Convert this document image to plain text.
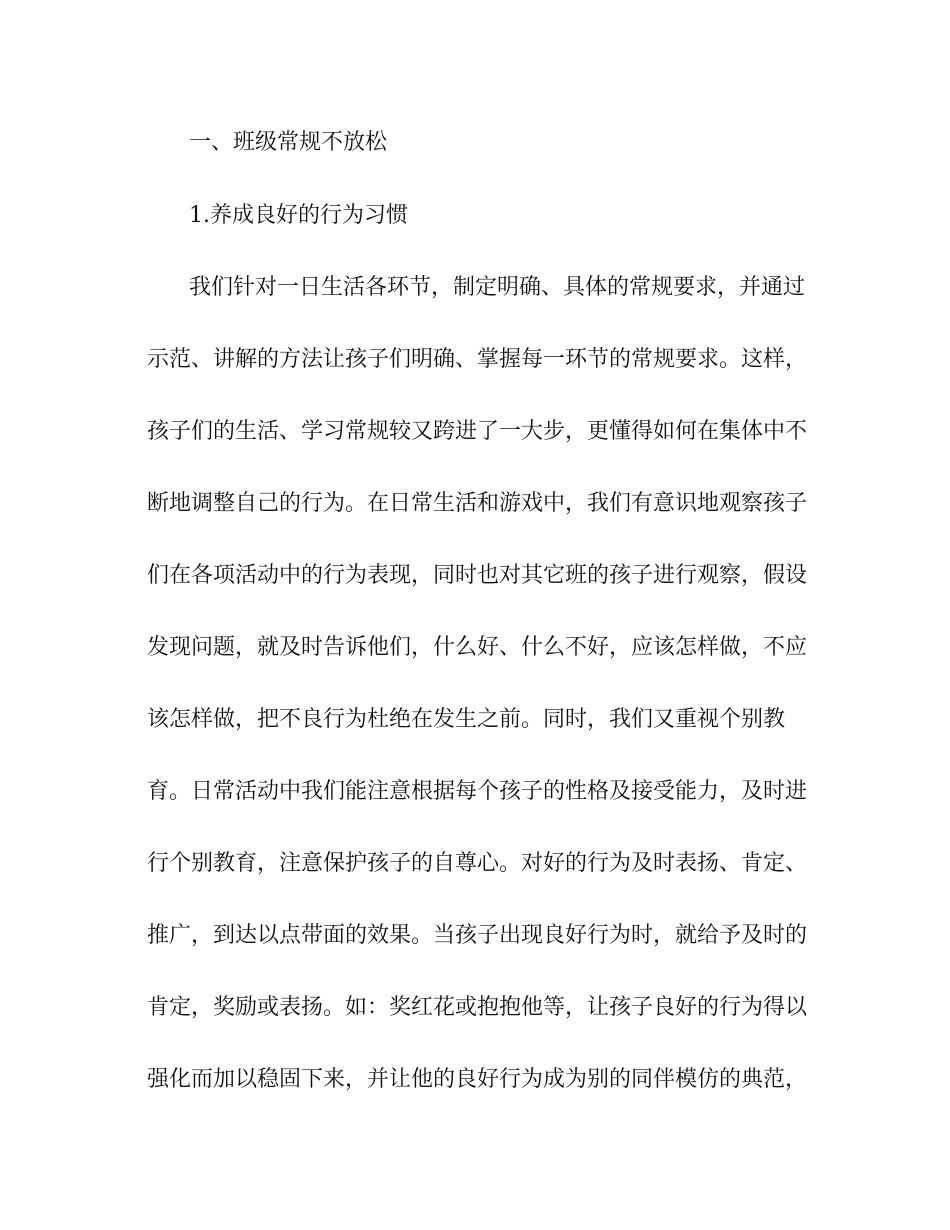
一、班级常规不放松
1.养成良好的行为习惯
我们针对一日生活各环节，制定明确、具体的常规要求，并通过
示范、讲解的方法让孩子们明确、掌握每一环节的常规要求。这样，
孩子们的生活、学习常规较又跨进了一大步，更懂得如何在集体中不
断地调整自己的行为。在日常生活和游戏中，我们有意识地观察孩子
们在各项活动中的行为表现，同时也对其它班的孩子进行观察，假设
发现问题，就及时告诉他们，什么好、什么不好，应该怎样做，不应
该怎样做，把不良行为杜绝在发生之前。同时，我们又重视个别教
育。日常活动中我们能注意根据每个孩子的性格及接受能力，及时进
行个别教育，注意保护孩子的自尊心。对好的行为及时表扬、肯定、
推广，到达以点带面的效果。当孩子出现良好行为时，就给予及时的
肯定，奖励或表扬。如：奖红花或抱抱他等，让孩子良好的行为得以
强化而加以稳固下来，并让他的良好行为成为别的同伴模仿的典范，
